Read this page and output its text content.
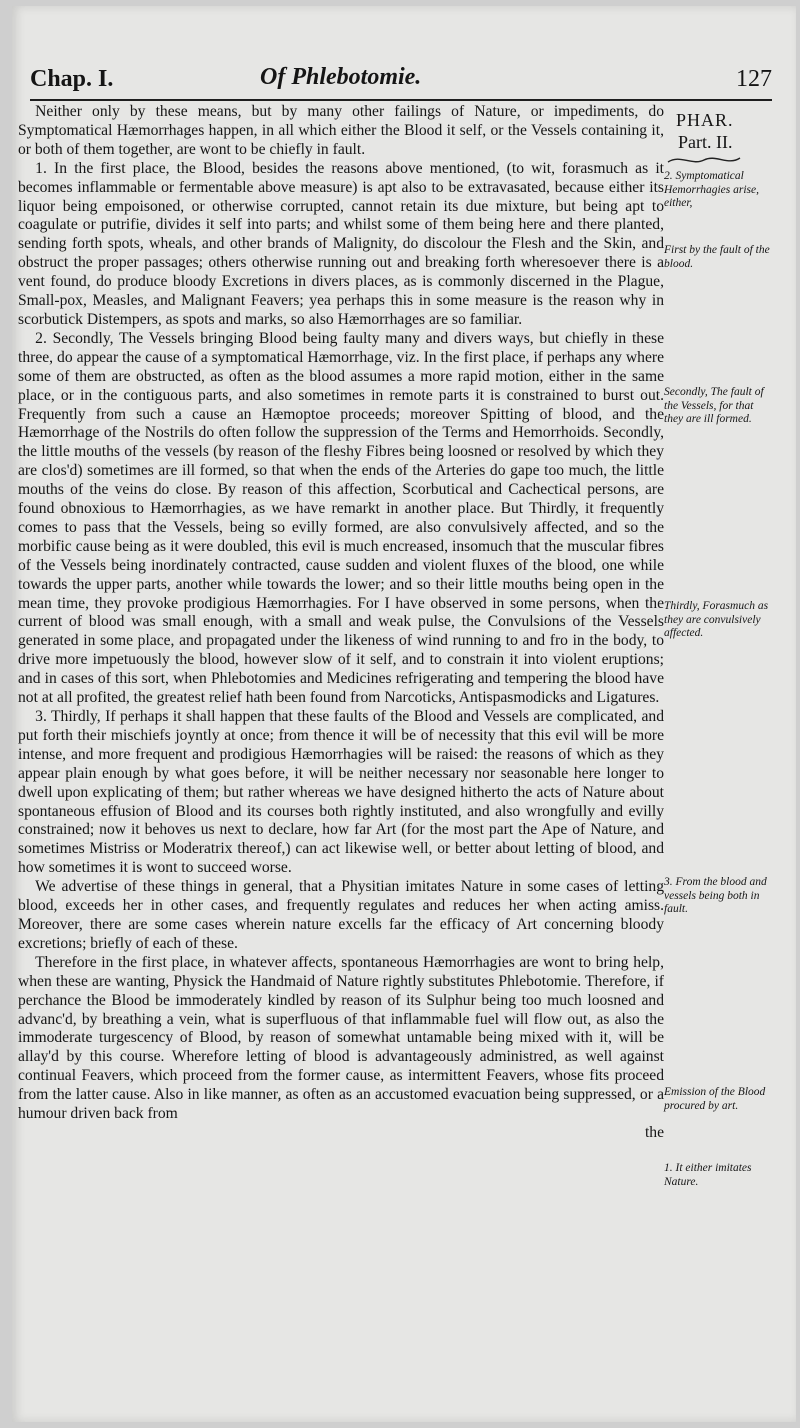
Chap. I.	Of Phlebotomie.	127

Neither only by these means, but by many other failings of Nature, or impediments, do Symptomatical Hæmorrhages happen, in all which either the Blood it self, or the Vessels containing it, or both of them together, are wont to be chiefly in fault.

1. In the first place, the Blood, besides the reasons above mentioned, (to wit, forasmuch as it becomes inflammable or fermentable above measure) is apt also to be extravasated, because either its liquor being empoisoned, or otherwise corrupted, cannot retain its due mixture, but being apt to coagulate or putrifie, divides it self into parts; and whilst some of them being here and there planted, sending forth spots, wheals, and other brands of Malignity, do discolour the Flesh and the Skin, and obstruct the proper passages; others otherwise running out and breaking forth wheresoever there is a vent found, do produce bloody Excretions in divers places, as is commonly discerned in the Plague, Small-pox, Measles, and Malignant Feavers; yea perhaps this in some measure is the reason why in scorbutick Distempers, as spots and marks, so also Hæmorrhages are so familiar.

2. Secondly, The Vessels bringing Blood being faulty many and divers ways, but chiefly in these three, do appear the cause of a symptomatical Hæmorrhage, viz. In the first place, if perhaps any where some of them are obstructed, as often as the blood assumes a more rapid motion, either in the same place, or in the contiguous parts, and also sometimes in remote parts it is constrained to burst out. Frequently from such a cause an Hæmoptoe proceeds; moreover Spitting of blood, and the Hæmorrhage of the Nostrils do often follow the suppression of the Terms and Hemorrhoids. Secondly, the little mouths of the vessels (by reason of the fleshy Fibres being loosned or resolved by which they are clos'd) sometimes are ill formed, so that when the ends of the Arteries do gape too much, the little mouths of the veins do close. By reason of this affection, Scorbutical and Cachectical persons, are found obnoxious to Hæmorrhagies, as we have remarkt in another place. But Thirdly, it frequently comes to pass that the Vessels, being so evilly formed, are also convulsively affected, and so the morbific cause being as it were doubled, this evil is much encreased, insomuch that the muscular fibres of the Vessels being inordinately contracted, cause sudden and violent fluxes of the blood, one while towards the upper parts, another while towards the lower; and so their little mouths being open in the mean time, they provoke prodigious Hæmorrhagies. For I have observed in some persons, when the current of blood was small enough, with a small and weak pulse, the Convulsions of the Vessels generated in some place, and propagated under the likeness of wind running to and fro in the body, to drive more impetuously the blood, however slow of it self, and to constrain it into violent eruptions; and in cases of this sort, when Phlebotomies and Medicines refrigerating and tempering the blood have not at all profited, the greatest relief hath been found from Narcoticks, Antispasmodicks and Ligatures.

3. Thirdly, If perhaps it shall happen that these faults of the Blood and Vessels are complicated, and put forth their mischiefs joyntly at once; from thence it will be of necessity that this evil will be more intense, and more frequent and prodigious Hæmorrhagies will be raised: the reasons of which as they appear plain enough by what goes before, it will be neither necessary nor seasonable here longer to dwell upon explicating of them; but rather whereas we have designed hitherto the acts of Nature about spontaneous effusion of Blood and its courses both rightly instituted, and also wrongfully and evilly constrained; now it behoves us next to declare, how far Art (for the most part the Ape of Nature, and sometimes Mistriss or Moderatrix thereof,) can act likewise well, or better about letting of blood, and how sometimes it is wont to succeed worse.

We advertise of these things in general, that a Physitian imitates Nature in some cases of letting blood, exceeds her in other cases, and frequently regulates and reduces her when acting amiss. Moreover, there are some cases wherein nature excells far the efficacy of Art concerning bloody excretions; briefly of each of these.

Therefore in the first place, in whatever affects, spontaneous Hæmorrhagies are wont to bring help, when these are wanting, Physick the Handmaid of Nature rightly substitutes Phlebotomie. Therefore, if perchance the Blood be immoderately kindled by reason of its Sulphur being too much loosned and advanc'd, by breathing a vein, what is superfluous of that inflammable fuel will flow out, as also the immoderate turgescency of Blood, by reason of somewhat untamable being mixed with it, will be allay'd by this course. Wherefore letting of blood is advantageously administred, as well against continual Feavers, which proceed from the former cause, as intermittent Feavers, whose fits proceed from the latter cause. Also in like manner, as often as an accustomed evacuation being suppressed, or a humour driven back from

the

PHAR.
Part. II.
2. Symptomatical Hemorrhagies arise, either,
First by the fault of the blood.
Secondly, The fault of the Vessels, for that they are ill formed.
Thirdly, Forasmuch as they are convulsively affected.
3. From the blood and vessels being both in fault.
Emission of the Blood procured by art.
1. It either imitates Nature.
